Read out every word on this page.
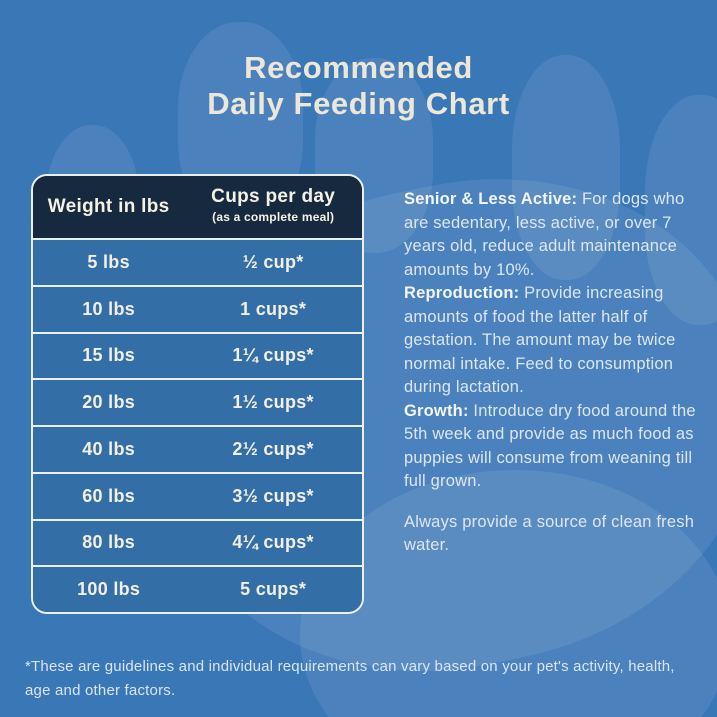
Recommended
Daily Feeding Chart
Weight in lbs	Cups per day
(as a complete meal)
5 lbs	½ cup*
10 lbs	1 cups*
15 lbs	1¼ cups*
20 lbs	1½ cups*
40 lbs	2½ cups*
60 lbs	3½ cups*
80 lbs	4¼ cups*
100 lbs	5 cups*

Senior & Less Active: For dogs who are sedentary, less active, or over 7 years old, reduce adult maintenance amounts by 10%.

Reproduction: Provide increasing amounts of food the latter half of gestation. The amount may be twice normal intake. Feed to consumption during lactation.

Growth: Introduce dry food around the 5th week and provide as much food as puppies will consume from weaning till full grown.

Always provide a source of clean fresh water.

*These are guidelines and individual requirements can vary based on your pet's activity, health, age and other factors.
